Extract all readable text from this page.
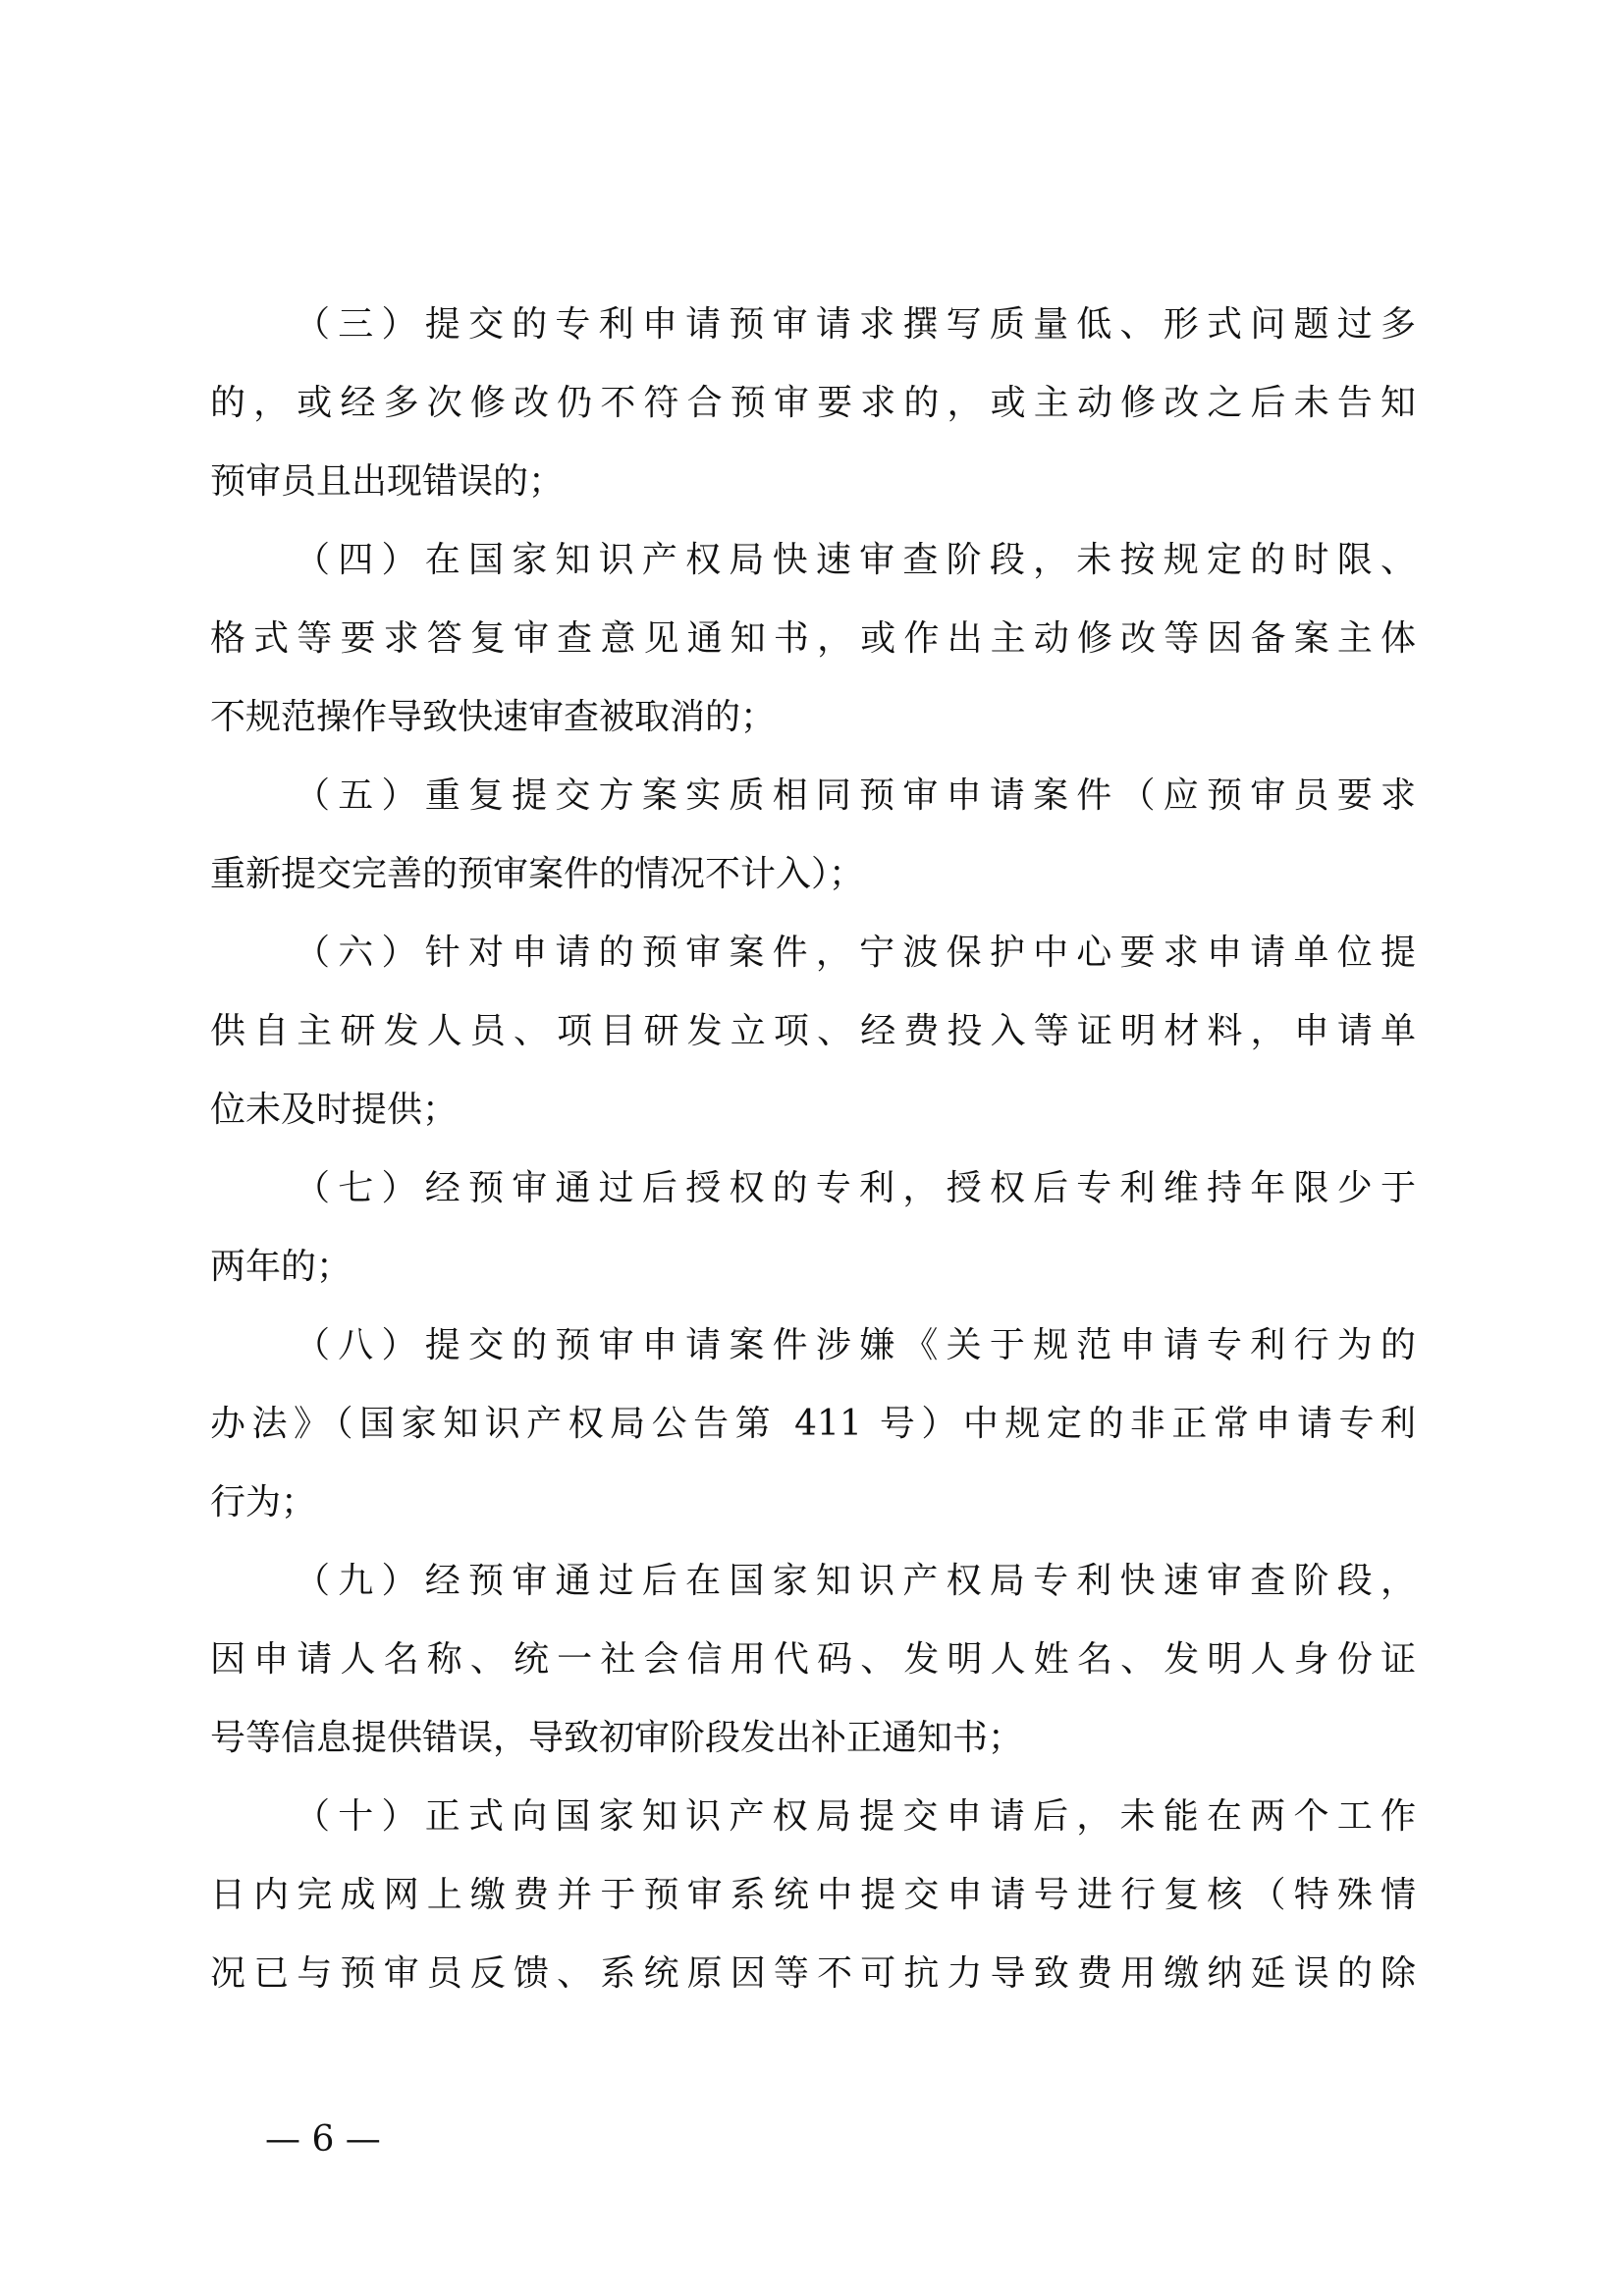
（三）提交的专利申请预审请求撰写质量低、形式问题过多
的，或经多次修改仍不符合预审要求的，或主动修改之后未告知
预审员且出现错误的；
（四）在国家知识产权局快速审查阶段，未按规定的时限、
格式等要求答复审查意见通知书，或作出主动修改等因备案主体
不规范操作导致快速审查被取消的；
（五）重复提交方案实质相同预审申请案件（应预审员要求
重新提交完善的预审案件的情况不计入）；
（六）针对申请的预审案件，宁波保护中心要求申请单位提
供自主研发人员、项目研发立项、经费投入等证明材料，申请单
位未及时提供；
（七）经预审通过后授权的专利，授权后专利维持年限少于
两年的；
（八）提交的预审申请案件涉嫌《关于规范申请专利行为的
办法》（国家知识产权局公告第 411 号）中规定的非正常申请专利
行为；
（九）经预审通过后在国家知识产权局专利快速审查阶段，
因申请人名称、统一社会信用代码、发明人姓名、发明人身份证
号等信息提供错误，导致初审阶段发出补正通知书；
（十）正式向国家知识产权局提交申请后，未能在两个工作
日内完成网上缴费并于预审系统中提交申请号进行复核（特殊情
况已与预审员反馈、系统原因等不可抗力导致费用缴纳延误的除
— 6 —
